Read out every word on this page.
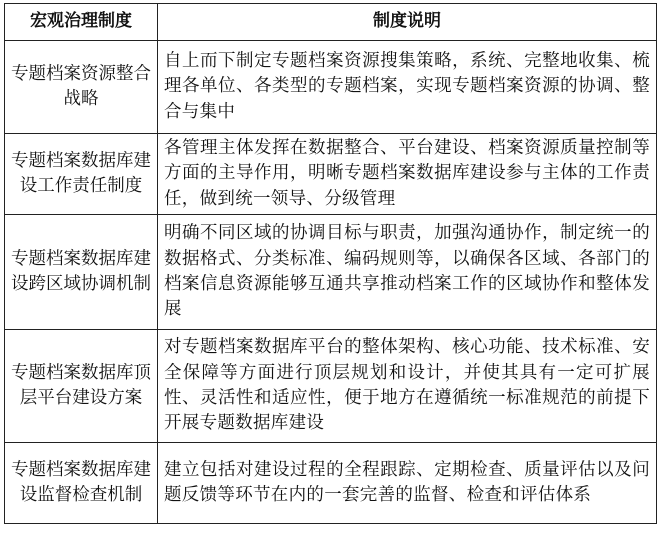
宏观治理制度	制度说明
专题档案资源整合战略	自上而下制定专题档案资源搜集策略，系统、完整地收集、梳理各单位、各类型的专题档案，实现专题档案资源的协调、整合与集中
专题档案数据库建设工作责任制度	各管理主体发挥在数据整合、平台建设、档案资源质量控制等方面的主导作用，明晰专题档案数据库建设参与主体的工作责任，做到统一领导、分级管理
专题档案数据库建设跨区域协调机制	明确不同区域的协调目标与职责，加强沟通协作，制定统一的数据格式、分类标准、编码规则等，以确保各区域、各部门的档案信息资源能够互通共享推动档案工作的区域协作和整体发展
专题档案数据库顶层平台建设方案	对专题档案数据库平台的整体架构、核心功能、技术标准、安全保障等方面进行顶层规划和设计，并使其具有一定可扩展性、灵活性和适应性，便于地方在遵循统一标准规范的前提下开展专题数据库建设
专题档案数据库建设监督检查机制	建立包括对建设过程的全程跟踪、定期检查、质量评估以及问题反馈等环节在内的一套完善的监督、检查和评估体系
